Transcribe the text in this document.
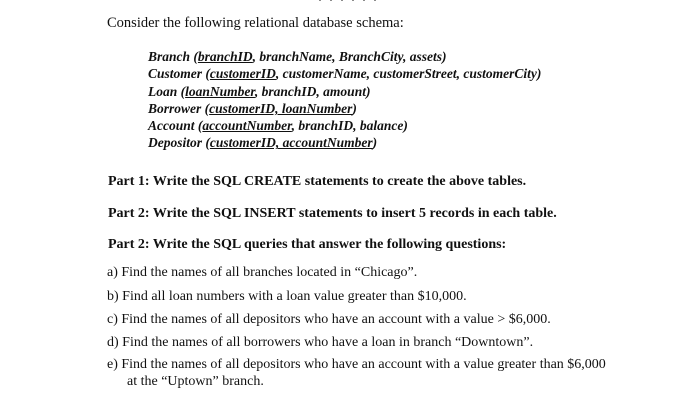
· · · · · ·
Consider the following relational database schema:
Branch (branchID, branchName, BranchCity, assets)
Customer (customerID, customerName, customerStreet, customerCity)
Loan (loanNumber, branchID, amount)
Borrower (customerID, loanNumber)
Account (accountNumber, branchID, balance)
Depositor (customerID, accountNumber)
Part 1: Write the SQL CREATE statements to create the above tables.
Part 2: Write the SQL INSERT statements to insert 5 records in each table.
Part 2: Write the SQL queries that answer the following questions:
a) Find the names of all branches located in “Chicago”.
b) Find all loan numbers with a loan value greater than $10,000.
c) Find the names of all depositors who have an account with a value > $6,000.
d) Find the names of all borrowers who have a loan in branch “Downtown”.
e) Find the names of all depositors who have an account with a value greater than $6,000
at the “Uptown” branch.
